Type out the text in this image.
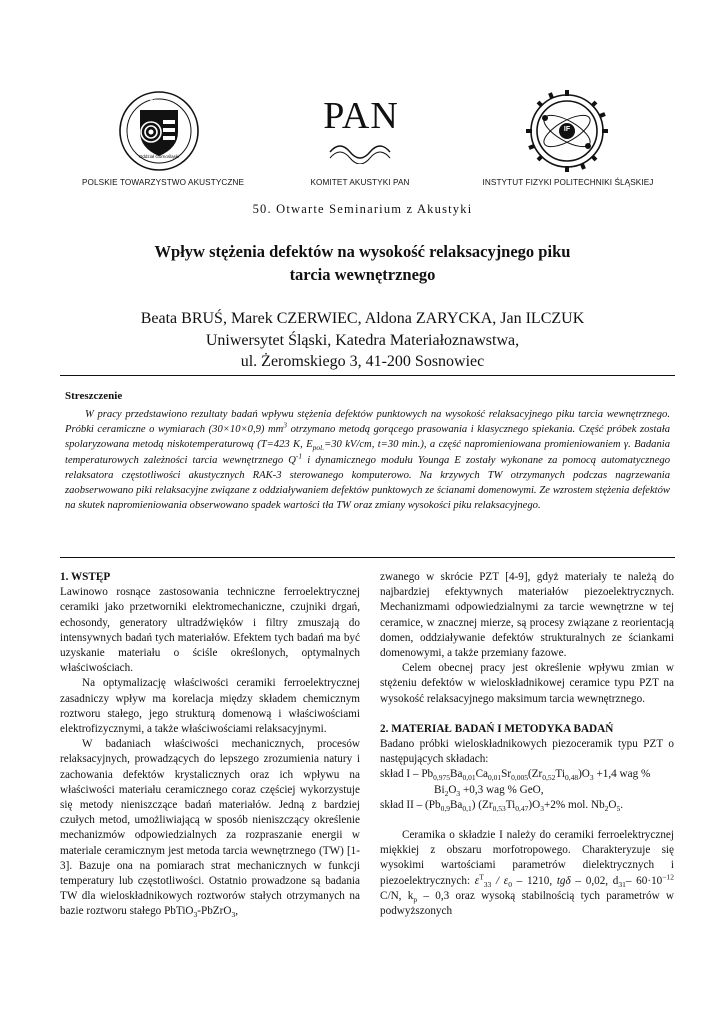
PTA
Oddział Górnośląski
POLSKIE TOWARZYSTWO AKUSTYCZNE
PAN
KOMITET AKUSTYKI PAN
IF
INSTYTUT FIZYKI POLITECHNIKI ŚLĄSKIEJ
50. Otwarte Seminarium z Akustyki
Wpływ stężenia defektów na wysokość relaksacyjnego piku
tarcia wewnętrznego
Beata BRUŚ, Marek CZERWIEC, Aldona ZARYCKA, Jan ILCZUK
Uniwersytet Śląski, Katedra Materiałoznawstwa,
ul. Żeromskiego 3, 41-200 Sosnowiec
Streszczenie
W pracy przedstawiono rezultaty badań wpływu stężenia defektów punktowych na wysokość relaksacyjnego piku tarcia wewnętrznego. Próbki ceramiczne o wymiarach (30×10×0,9) $mm^3$ otrzymano metodą gorącego prasowania i klasycznego spiekania. Część próbek została spolaryzowana metodą niskotemperaturową (T=423 K, $E_{pol.}=30$ kV/cm, t=30 min.), a część napromieniowana promieniowaniem γ. Badania temperaturowych zależności tarcia wewnętrznego $Q^{-1}$ i dynamicznego modułu Younga E zostały wykonane za pomocą automatycznego relaksatora częstotliwości akustycznych RAK-3 sterowanego komputerowo. Na krzywych TW otrzymanych podczas nagrzewania zaobserwowano piki relaksacyjne związane z oddziaływaniem defektów punktowych ze ścianami domenowymi. Ze wzrostem stężenia defektów na skutek napromieniowania obserwowano spadek wartości tła TW oraz zmiany wysokości piku relaksacyjnego.

1. WSTĘP

Lawinowo rosnące zastosowania techniczne ferroelektrycznej ceramiki jako przetworniki elektromechaniczne, czujniki drgań, echosondy, generatory ultradźwięków i filtry zmuszają do intensywnych badań tych materiałów. Efektem tych badań ma być uzyskanie materiału o ściśle określonych, optymalnych właściwościach.

Na optymalizację właściwości ceramiki ferroelektrycznej zasadniczy wpływ ma korelacja między składem chemicznym roztworu stałego, jego strukturą domenową i właściwościami elektrofizycznymi, a także właściwościami relaksacyjnymi.

W badaniach właściwości mechanicznych, procesów relaksacyjnych, prowadzących do lepszego zrozumienia natury i zachowania defektów krystalicznych oraz ich wpływu na właściwości materiału ceramicznego coraz częściej wykorzystuje się metody nieniszczące badań materiałów. Jedną z bardziej czułych metod, umożliwiającą w sposób nieniszczący określenie mechanizmów odpowiedzialnych za rozpraszanie energii w materiale ceramicznym jest metoda tarcia wewnętrznego (TW) [1-3]. Bazuje ona na pomiarach strat mechanicznych w funkcji temperatury lub częstotliwości. Ostatnio prowadzone są badania TW dla wieloskładnikowych roztworów stałych otrzymanych na bazie roztworu stałego PbTiO$_3$-PbZrO$_3$,

zwanego w skrócie PZT [4-9], gdyż materiały te należą do najbardziej efektywnych materiałów piezoelektrycznych. Mechanizmami odpowiedzialnymi za tarcie wewnętrzne w tej ceramice, w znacznej mierze, są procesy związane z reorientacją domen, oddziaływanie defektów strukturalnych ze ściankami domenowymi, a także przemiany fazowe.

Celem obecnej pracy jest określenie wpływu zmian w stężeniu defektów w wieloskładnikowej ceramice typu PZT na wysokość relaksacyjnego maksimum tarcia wewnętrznego.

2. MATERIAŁ BADAŃ I METODYKA BADAŃ

Badano próbki wieloskładnikowych piezoceramik typu PZT o następujących składach:

skład $I - Pb_{0,975}Ba_{0,01}Ca_{0,01}Sr_{0,005}(Zr_{0,52}Ti_{0,48})O_3 +1,4$ wag %

$Bi_2O_3 +0,3$ wag % GeO,

skład II – $(Pb_{0,9}Ba_{0,1})$ $(Zr_{0,53}Ti_{0,47})O_3+2\%$ mol. $Nb_2O_5$.

Ceramika o składzie I należy do ceramiki ferroelektrycznej miękkiej z obszaru morfotropowego. Charakteryzuje się wysokimi wartościami parametrów dielektrycznych i piezoelektrycznych: $\varepsilon^T_{33} / \varepsilon_0 - 1210$, tgδ – 0,02, $d_{31}-$ $60\cdot 10^{-12}$ C/N, $k_p - 0,3$ oraz wysoką stabilnością tych parametrów w podwyższonych
